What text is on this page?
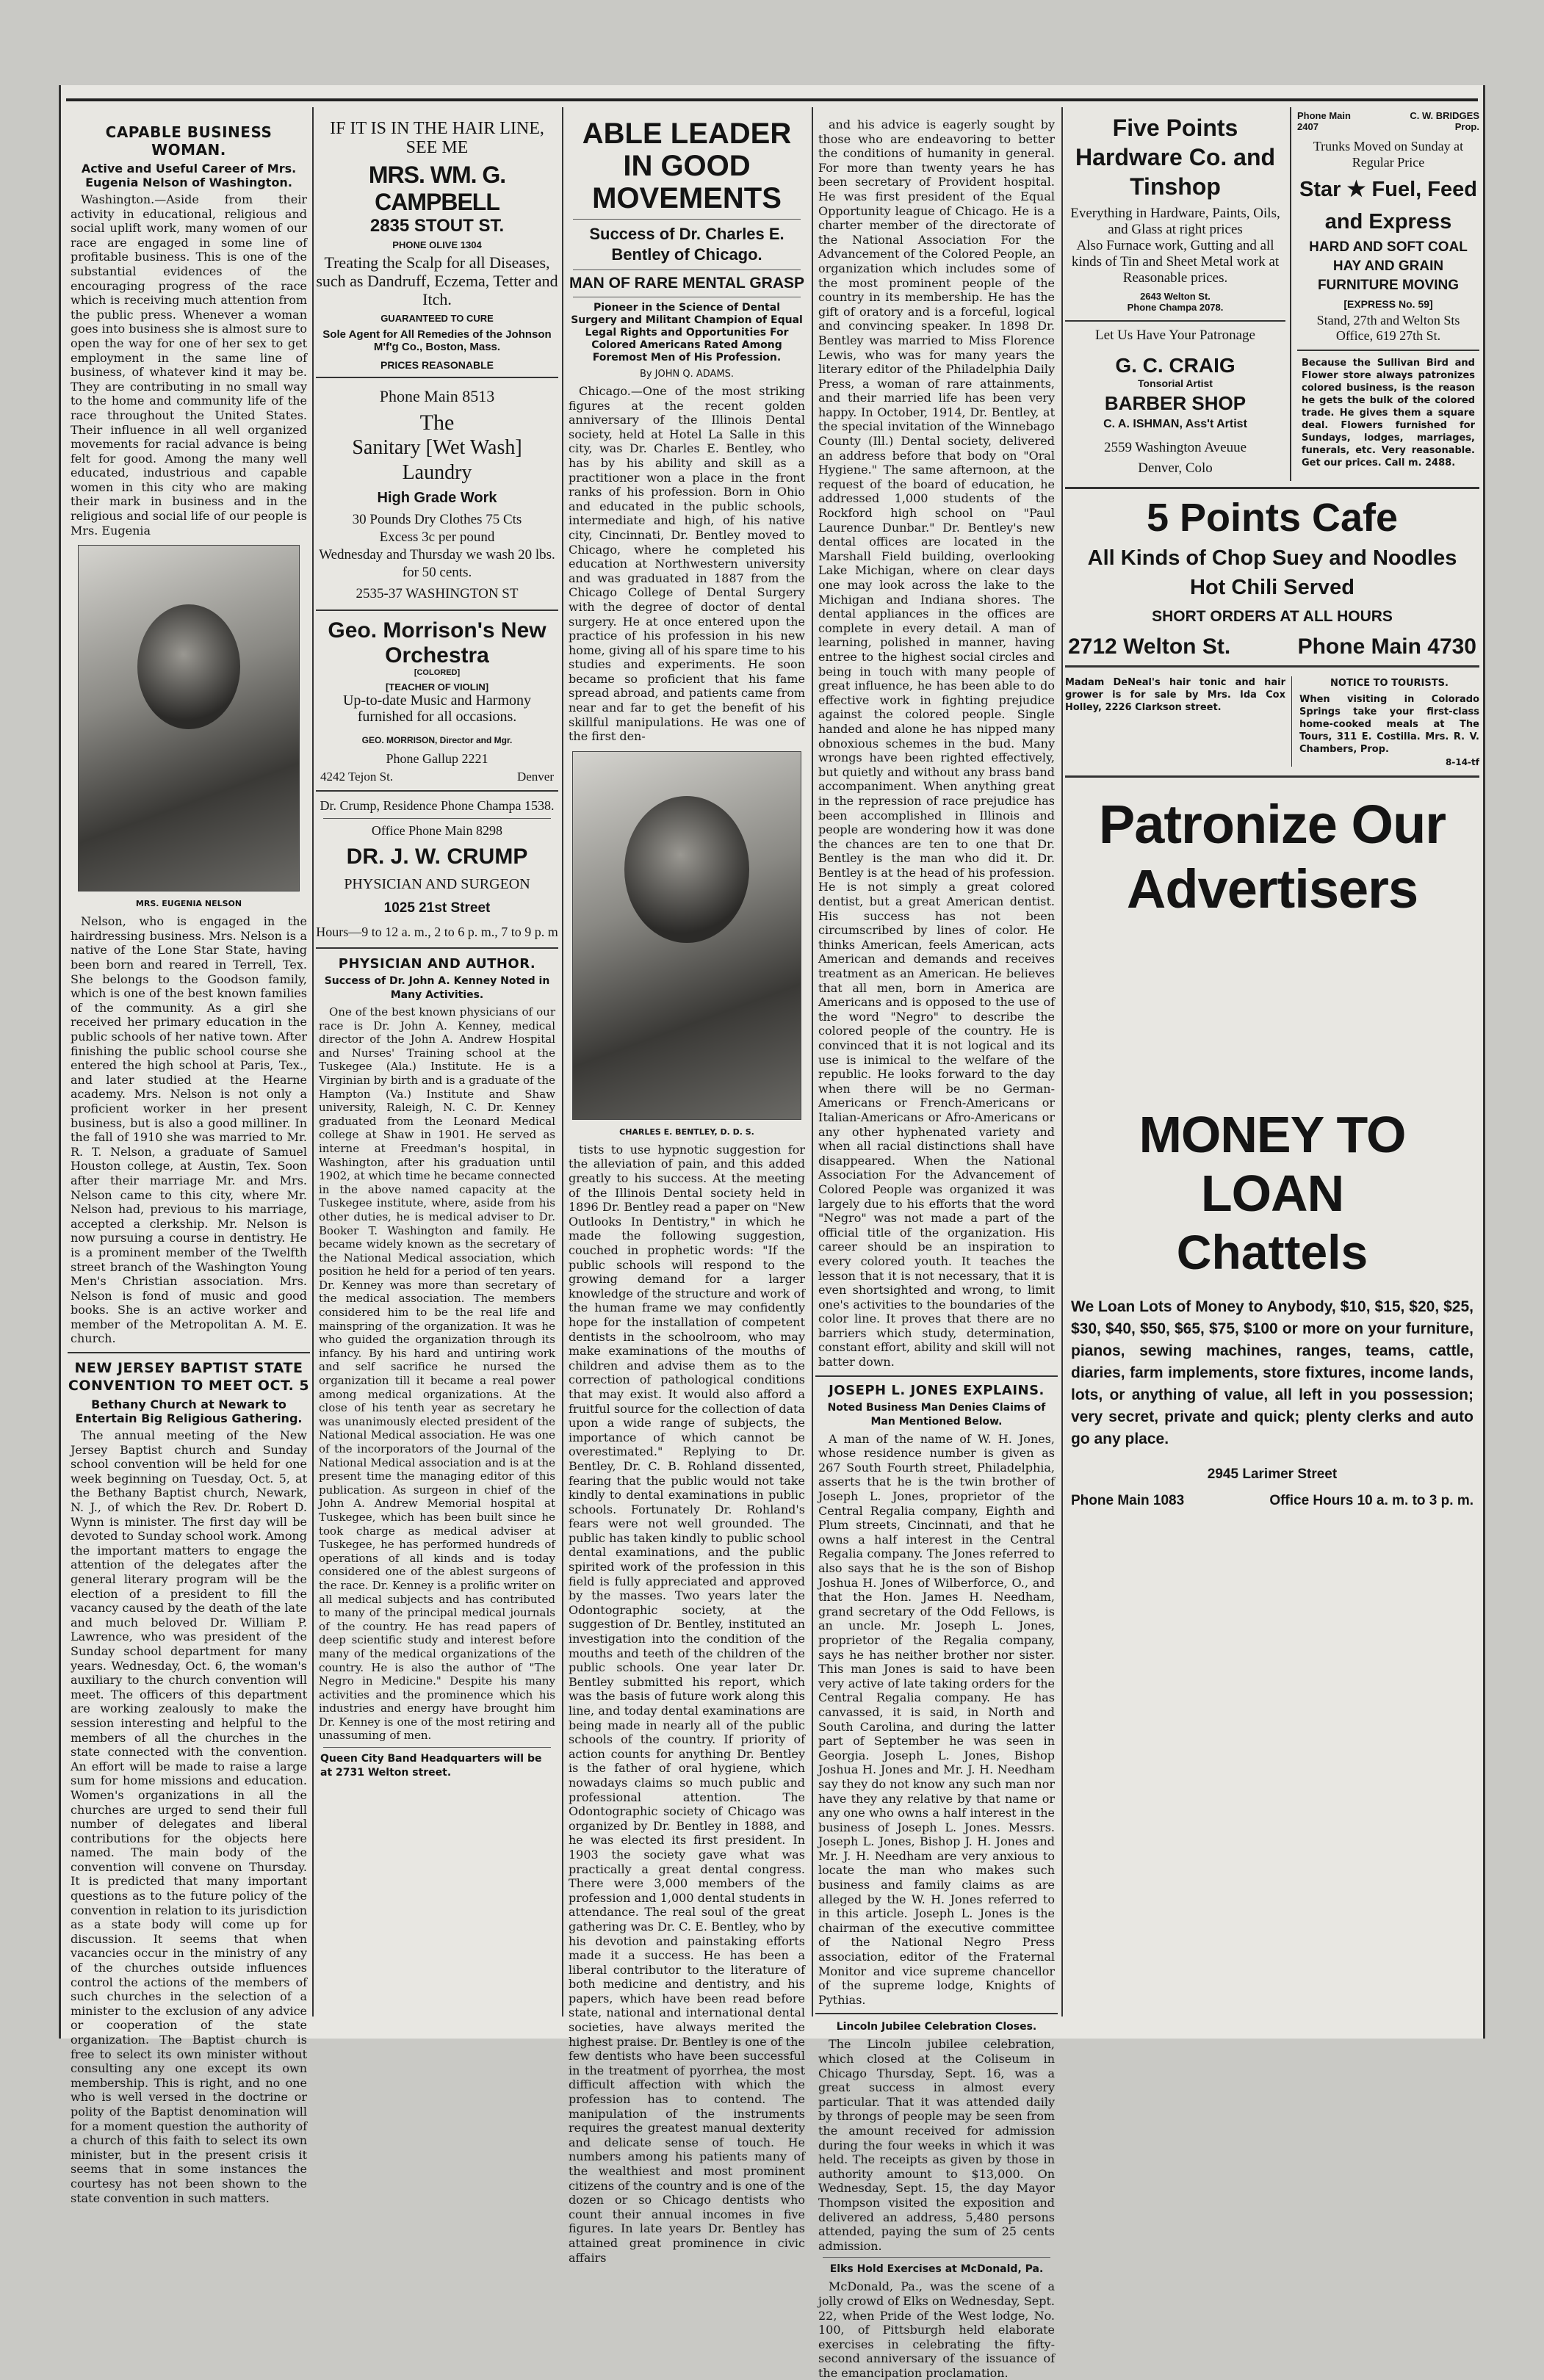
CAPABLE BUSINESS WOMAN.
Active and Useful Career of Mrs. Eugenia Nelson of Washington.
Washington.—Aside from their activity in educational, religious and social uplift work, many women of our race are engaged in some line of profitable business. This is one of the substantial evidences of the encouraging progress of the race which is receiving much attention from the public press. Whenever a woman goes into business she is almost sure to open the way for one of her sex to get employment in the same line of business, of whatever kind it may be. They are contributing in no small way to the home and community life of the race throughout the United States. Their influence in all well organized movements for racial advance is being felt for good. Among the many well educated, industrious and capable women in this city who are making their mark in business and in the religious and social life of our people is Mrs. Eugenia
MRS. EUGENIA NELSON
Nelson, who is engaged in the hairdressing business. Mrs. Nelson is a native of the Lone Star State, having been born and reared in Terrell, Tex. She belongs to the Goodson family, which is one of the best known families of the community. As a girl she received her primary education in the public schools of her native town. After finishing the public school course she entered the high school at Paris, Tex., and later studied at the Hearne academy. Mrs. Nelson is not only a proficient worker in her present business, but is also a good milliner. In the fall of 1910 she was married to Mr. R. T. Nelson, a graduate of Samuel Houston college, at Austin, Tex. Soon after their marriage Mr. and Mrs. Nelson came to this city, where Mr. Nelson had, previous to his marriage, accepted a clerkship. Mr. Nelson is now pursuing a course in dentistry. He is a prominent member of the Twelfth street branch of the Washington Young Men's Christian association. Mrs. Nelson is fond of music and good books. She is an active worker and member of the Metropolitan A. M. E. church.
NEW JERSEY BAPTIST STATE CONVENTION TO MEET OCT. 5
Bethany Church at Newark to Entertain Big Religious Gathering.
The annual meeting of the New Jersey Baptist church and Sunday school convention will be held for one week beginning on Tuesday, Oct. 5, at the Bethany Baptist church, Newark, N. J., of which the Rev. Dr. Robert D. Wynn is minister. The first day will be devoted to Sunday school work. Among the important matters to engage the attention of the delegates after the general literary program will be the election of a president to fill the vacancy caused by the death of the late and much beloved Dr. William P. Lawrence, who was president of the Sunday school department for many years. Wednesday, Oct. 6, the woman's auxiliary to the church convention will meet. The officers of this department are working zealously to make the session interesting and helpful to the members of all the churches in the state connected with the convention. An effort will be made to raise a large sum for home missions and education. Women's organizations in all the churches are urged to send their full number of delegates and liberal contributions for the objects here named. The main body of the convention will convene on Thursday. It is predicted that many important questions as to the future policy of the convention in relation to its jurisdiction as a state body will come up for discussion. It seems that when vacancies occur in the ministry of any of the churches outside influences control the actions of the members of such churches in the selection of a minister to the exclusion of any advice or cooperation of the state organization. The Baptist church is free to select its own minister without consulting any one except its own membership. This is right, and no one who is well versed in the doctrine or polity of the Baptist denomination will for a moment question the authority of a church of this faith to select its own minister, but in the present crisis it seems that in some instances the courtesy has not been shown to the state convention in such matters.
IF IT IS IN THE HAIR LINE, SEE ME
MRS. WM. G. CAMPBELL
2835 STOUT ST.
PHONE OLIVE 1304
Treating the Scalp for all Diseases, such as Dandruff, Eczema, Tetter and Itch.
GUARANTEED TO CURE
Sole Agent for All Remedies of the Johnson M'f'g Co., Boston, Mass.
PRICES REASONABLE
Phone Main 8513
The
Sanitary [Wet Wash] Laundry
High Grade Work
30 Pounds Dry Clothes 75 Cts
Excess 3c per pound
Wednesday and Thursday we wash 20 lbs. for 50 cents.
2535-37 WASHINGTON ST
Geo. Morrison's New Orchestra
[COLORED]
[TEACHER OF VIOLIN]
Up-to-date Music and Harmony furnished for all occasions.
GEO. MORRISON, Director and Mgr.
Phone Gallup 2221
4242 Tejon St.	Denver
Dr. Crump, Residence Phone Champa 1538.
Office Phone Main 8298
DR. J. W. CRUMP
PHYSICIAN AND SURGEON
1025 21st Street
Hours—9 to 12 a. m., 2 to 6 p. m., 7 to 9 p. m
PHYSICIAN AND AUTHOR.
Success of Dr. John A. Kenney Noted in Many Activities.
One of the best known physicians of our race is Dr. John A. Kenney, medical director of the John A. Andrew Hospital and Nurses' Training school at the Tuskegee (Ala.) Institute. He is a Virginian by birth and is a graduate of the Hampton (Va.) Institute and Shaw university, Raleigh, N. C. Dr. Kenney graduated from the Leonard Medical college at Shaw in 1901. He served as interne at Freedman's hospital, in Washington, after his graduation until 1902, at which time he became connected in the above named capacity at the Tuskegee institute, where, aside from his other duties, he is medical adviser to Dr. Booker T. Washington and family. He became widely known as the secretary of the National Medical association, which position he held for a period of ten years. Dr. Kenney was more than secretary of the medical association. The members considered him to be the real life and mainspring of the organization. It was he who guided the organization through its infancy. By his hard and untiring work and self sacrifice he nursed the organization till it became a real power among medical organizations. At the close of his tenth year as secretary he was unanimously elected president of the National Medical association. He was one of the incorporators of the Journal of the National Medical association and is at the present time the managing editor of this publication. As surgeon in chief of the John A. Andrew Memorial hospital at Tuskegee, which has been built since he took charge as medical adviser at Tuskegee, he has performed hundreds of operations of all kinds and is today considered one of the ablest surgeons of the race. Dr. Kenney is a prolific writer on all medical subjects and has contributed to many of the principal medical journals of the country. He has read papers of deep scientific study and interest before many of the medical organizations of the country. He is also the author of "The Negro in Medicine." Despite his many activities and the prominence which his industries and energy have brought him Dr. Kenney is one of the most retiring and unassuming of men.
Queen City Band Headquarters will be at 2731 Welton street.
ABLE LEADER IN GOOD MOVEMENTS
Success of Dr. Charles E. Bentley of Chicago.
MAN OF RARE MENTAL GRASP
Pioneer in the Science of Dental Surgery and Militant Champion of Equal Legal Rights and Opportunities For Colored Americans Rated Among Foremost Men of His Profession.
By JOHN Q. ADAMS.
Chicago.—One of the most striking figures at the recent golden anniversary of the Illinois Dental society, held at Hotel La Salle in this city, was Dr. Charles E. Bentley, who has by his ability and skill as a practitioner won a place in the front ranks of his profession. Born in Ohio and educated in the public schools, intermediate and high, of his native city, Cincinnati, Dr. Bentley moved to Chicago, where he completed his education at Northwestern university and was graduated in 1887 from the Chicago College of Dental Surgery with the degree of doctor of dental surgery. He at once entered upon the practice of his profession in his new home, giving all of his spare time to his studies and experiments. He soon became so proficient that his fame spread abroad, and patients came from near and far to get the benefit of his skillful manipulations. He was one of the first den-
CHARLES E. BENTLEY, D. D. S.
tists to use hypnotic suggestion for the alleviation of pain, and this added greatly to his success. At the meeting of the Illinois Dental society held in 1896 Dr. Bentley read a paper on "New Outlooks In Dentistry," in which he made the following suggestion, couched in prophetic words: "If the public schools will respond to the growing demand for a larger knowledge of the structure and work of the human frame we may confidently hope for the installation of competent dentists in the schoolroom, who may make examinations of the mouths of children and advise them as to the correction of pathological conditions that may exist. It would also afford a fruitful source for the collection of data upon a wide range of subjects, the importance of which cannot be overestimated." Replying to Dr. Bentley, Dr. C. B. Rohland dissented, fearing that the public would not take kindly to dental examinations in public schools. Fortunately Dr. Rohland's fears were not well grounded. The public has taken kindly to public school dental examinations, and the public spirited work of the profession in this field is fully appreciated and approved by the masses. Two years later the Odontographic society, at the suggestion of Dr. Bentley, instituted an investigation into the condition of the mouths and teeth of the children of the public schools. One year later Dr. Bentley submitted his report, which was the basis of future work along this line, and today dental examinations are being made in nearly all of the public schools of the country. If priority of action counts for anything Dr. Bentley is the father of oral hygiene, which nowadays claims so much public and professional attention. The Odontographic society of Chicago was organized by Dr. Bentley in 1888, and he was elected its first president. In 1903 the society gave what was practically a great dental congress. There were 3,000 members of the profession and 1,000 dental students in attendance. The real soul of the great gathering was Dr. C. E. Bentley, who by his devotion and painstaking efforts made it a success. He has been a liberal contributor to the literature of both medicine and dentistry, and his papers, which have been read before state, national and international dental societies, have always merited the highest praise. Dr. Bentley is one of the few dentists who have been successful in the treatment of pyorrhea, the most difficult affection with which the profession has to contend. The manipulation of the instruments requires the greatest manual dexterity and delicate sense of touch. He numbers among his patients many of the wealthiest and most prominent citizens of the country and is one of the dozen or so Chicago dentists who count their annual incomes in five figures. In late years Dr. Bentley has attained great prominence in civic affairs
and his advice is eagerly sought by those who are endeavoring to better the conditions of humanity in general. For more than twenty years he has been secretary of Provident hospital. He was first president of the Equal Opportunity league of Chicago. He is a charter member of the directorate of the National Association For the Advancement of the Colored People, an organization which includes some of the most prominent people of the country in its membership. He has the gift of oratory and is a forceful, logical and convincing speaker. In 1898 Dr. Bentley was married to Miss Florence Lewis, who was for many years the literary editor of the Philadelphia Daily Press, a woman of rare attainments, and their married life has been very happy. In October, 1914, Dr. Bentley, at the special invitation of the Winnebago County (Ill.) Dental society, delivered an address before that body on "Oral Hygiene." The same afternoon, at the request of the board of education, he addressed 1,000 students of the Rockford high school on "Paul Laurence Dunbar." Dr. Bentley's new dental offices are located in the Marshall Field building, overlooking Lake Michigan, where on clear days one may look across the lake to the Michigan and Indiana shores. The dental appliances in the offices are complete in every detail. A man of learning, polished in manner, having entree to the highest social circles and being in touch with many people of great influence, he has been able to do effective work in fighting prejudice against the colored people. Single handed and alone he has nipped many obnoxious schemes in the bud. Many wrongs have been righted effectively, but quietly and without any brass band accompaniment. When anything great in the repression of race prejudice has been accomplished in Illinois and people are wondering how it was done the chances are ten to one that Dr. Bentley is the man who did it. Dr. Bentley is at the head of his profession. He is not simply a great colored dentist, but a great American dentist. His success has not been circumscribed by lines of color. He thinks American, feels American, acts American and demands and receives treatment as an American. He believes that all men, born in America are Americans and is opposed to the use of the word "Negro" to describe the colored people of the country. He is convinced that it is not logical and its use is inimical to the welfare of the republic. He looks forward to the day when there will be no German-Americans or French-Americans or Italian-Americans or Afro-Americans or any other hyphenated variety and when all racial distinctions shall have disappeared. When the National Association For the Advancement of Colored People was organized it was largely due to his efforts that the word "Negro" was not made a part of the official title of the organization. His career should be an inspiration to every colored youth. It teaches the lesson that it is not necessary, that it is even shortsighted and wrong, to limit one's activities to the boundaries of the color line. It proves that there are no barriers which study, determination, constant effort, ability and skill will not batter down.
JOSEPH L. JONES EXPLAINS.
Noted Business Man Denies Claims of Man Mentioned Below.
A man of the name of W. H. Jones, whose residence number is given as 267 South Fourth street, Philadelphia, asserts that he is the twin brother of Joseph L. Jones, proprietor of the Central Regalia company, Eighth and Plum streets, Cincinnati, and that he owns a half interest in the Central Regalia company. The Jones referred to also says that he is the son of Bishop Joshua H. Jones of Wilberforce, O., and that the Hon. James H. Needham, grand secretary of the Odd Fellows, is an uncle. Mr. Joseph L. Jones, proprietor of the Regalia company, says he has neither brother nor sister. This man Jones is said to have been very active of late taking orders for the Central Regalia company. He has canvassed, it is said, in North and South Carolina, and during the latter part of September he was seen in Georgia. Joseph L. Jones, Bishop Joshua H. Jones and Mr. J. H. Needham say they do not know any such man nor have they any relative by that name or any one who owns a half interest in the business of Joseph L. Jones. Messrs. Joseph L. Jones, Bishop J. H. Jones and Mr. J. H. Needham are very anxious to locate the man who makes such business and family claims as are alleged by the W. H. Jones referred to in this article. Joseph L. Jones is the chairman of the executive committee of the National Negro Press association, editor of the Fraternal Monitor and vice supreme chancellor of the supreme lodge, Knights of Pythias.
Lincoln Jubilee Celebration Closes.
The Lincoln jubilee celebration, which closed at the Coliseum in Chicago Thursday, Sept. 16, was a great success in almost every particular. That it was attended daily by throngs of people may be seen from the amount received for admission during the four weeks in which it was held. The receipts as given by those in authority amount to $13,000. On Wednesday, Sept. 15, the day Mayor Thompson visited the exposition and delivered an address, 5,480 persons attended, paying the sum of 25 cents admission.
Elks Hold Exercises at McDonald, Pa.
McDonald, Pa., was the scene of a jolly crowd of Elks on Wednesday, Sept. 22, when Pride of the West lodge, No. 100, of Pittsburgh held elaborate exercises in celebrating the fifty-second anniversary of the issuance of the emancipation proclamation.
Five Points Hardware Co. and Tinshop
Everything in Hardware, Paints, Oils, and Glass at right prices
Also Furnace work, Gutting and all kinds of Tin and Sheet Metal work at Reasonable prices.
2643 Welton St.
Phone Champa 2078.
Let Us Have Your Patronage
G. C. CRAIG
Tonsorial Artist
BARBER SHOP
C. A. ISHMAN, Ass't Artist
2559 Washington Aveuue
Denver, Colo
Phone Main 2407
C. W. BRIDGES Prop.
Trunks Moved on Sunday at Regular Price
Star ★ Fuel, Feed and Express
HARD AND SOFT COAL
HAY AND GRAIN
FURNITURE MOVING
[EXPRESS No. 59]
Stand, 27th and Welton Sts
Office, 619 27th St.
Because the Sullivan Bird and Flower store always patronizes colored business, is the reason he gets the bulk of the colored trade. He gives them a square deal. Flowers furnished for Sundays, lodges, marriages, funerals, etc. Very reasonable. Get our prices. Call m. 2488.
5 Points Cafe
All Kinds of Chop Suey and Noodles
Hot Chili Served
SHORT ORDERS AT ALL HOURS
2712 Welton St.	Phone Main 4730
Madam DeNeal's hair tonic and hair grower is for sale by Mrs. Ida Cox Holley, 2226 Clarkson street.
NOTICE TO TOURISTS.
When visiting in Colorado Springs take your first-class home-cooked meals at The Tours, 311 E. Costilla. Mrs. R. V. Chambers, Prop.
8-14-tf
Patronize Our Advertisers
MONEY TO LOAN
Chattels
We Loan Lots of Money to Anybody, $10, $15, $20, $25, $30, $40, $50, $65, $75, $100 or more on your furniture, pianos, sewing machines, ranges, teams, cattle, diaries, farm implements, store fixtures, income lands, lots, or anything of value, all left in you possession; very secret, private and quick; plenty clerks and auto go any place.
2945 Larimer Street
Phone Main 1083	Office Hours 10 a. m. to 3 p. m.
